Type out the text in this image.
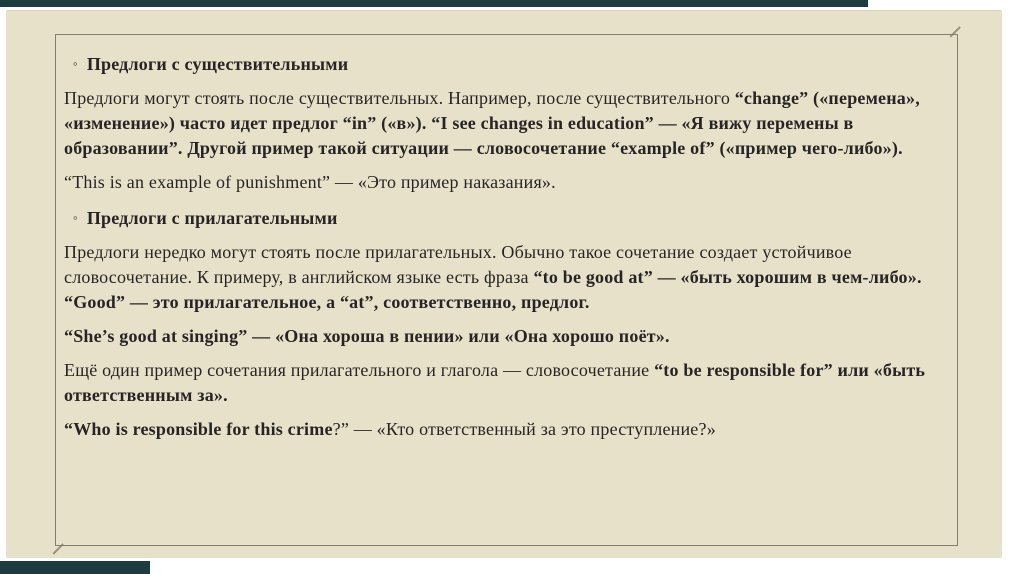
◦ Предлоги с существительными

Предлоги могут стоять после существительных. Например, после существительного “change” («перемена», «изменение») часто идет предлог “in” («в»). “I see changes in education” — «Я вижу перемены в образовании”. Другой пример такой ситуации — словосочетание “example of” («пример чего-либо»).

“This is an example of punishment” — «Это пример наказания».

◦ Предлоги с прилагательными

Предлоги нередко могут стоять после прилагательных. Обычно такое сочетание создает устойчивое словосочетание. К примеру, в английском языке есть фраза “to be good at” — «быть хорошим в чем-либо». “Good” — это прилагательное, а “at”, соответственно, предлог.

“She’s good at singing” — «Она хороша в пении» или «Она хорошо поёт».

Ещё один пример сочетания прилагательного и глагола — словосочетание “to be responsible for” или «быть ответственным за».

“Who is responsible for this crime?” — «Кто ответственный за это преступление?»
